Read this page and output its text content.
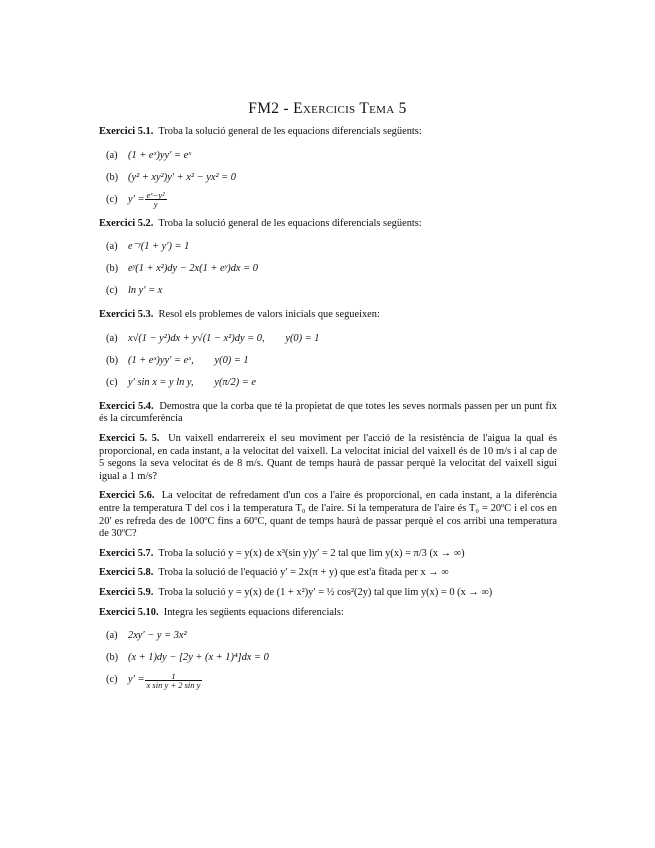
FM2 - Exercicis Tema 5
Exercici 5.1. Troba la solució general de les equacions diferencials següents:
(a)	(1 + eˣ)yy′ = eˣ
(b) (y² + xy²)y′ + x² − yx² = 0
(c)	$y' = \frac{\text{eˣ−y²}}{y}$
Exercici 5.2. Troba la solució general de les equacions diferencials següents:
(a)	e⁻ʸ(1 + y′) = 1
(b) eʸ(1 + x²)dy − 2x(1 + eʸ)dx = 0
(c)	ln y′ = x
Exercici 5.3. Resol els problemes de valors inicials que segueixen:
(a)	x√(1 − y²)dx + y√(1 − x²)dy = 0,        y(0) = 1
(b) (1 + eˣ)yy′ = eˣ,        y(0) = 1
(c)	y′ sin x = y ln y,        y(π/2) = e
Exercici 5.4. Demostra que la corba que té la propietat de que totes les seves normals passen per un punt fix és la circumferència
Exercici 5. 5. Un vaixell endarrereix el seu moviment per l'acció de la resistència de l'aigua la qual és proporcional, en cada instant, a la velocitat del vaixell. La velocitat inicial del vaixell és de 10 m/s i al cap de 5 segons la seva velocitat és de 8 m/s. Quant de temps haurà de passar perquè la velocitat del vaixell sigui igual a 1 m/s?
Exercici 5.6. La velocitat de refredament d'un cos a l'aire és proporcional, en cada instant, a la diferència entre la temperatura T del cos i la temperatura T₀ de l'aire. Si la temperatura de l'aire és T₀ = 20ºC i el cos en 20′ es refreda des de 100ºC fins a 60ºC, quant de temps haurà de passar perquè el cos arribi una temperatura de 30ºC?
Exercici 5.7. Troba la solució y = y(x) de x³(sin y)y′ = 2 tal que lim y(x) = π/3 (x → ∞)
Exercici 5.8. Troba la solució de l'equació y′ = 2x(π + y) que est'a fitada per x → ∞
Exercici 5.9. Troba la solució y = y(x) de (1 + x²)y′ = ½ cos²(2y) tal que lim y(x) = 0 (x → ∞)
Exercici 5.10. Integra les següents equacions diferencials:
(a)	2xy′ − y = 3x²
(b) (x + 1)dy − [2y + (x + 1)⁴]dx = 0
(c)	$y' = \frac{1}{\text{x sin y + 2 sin y}}$
